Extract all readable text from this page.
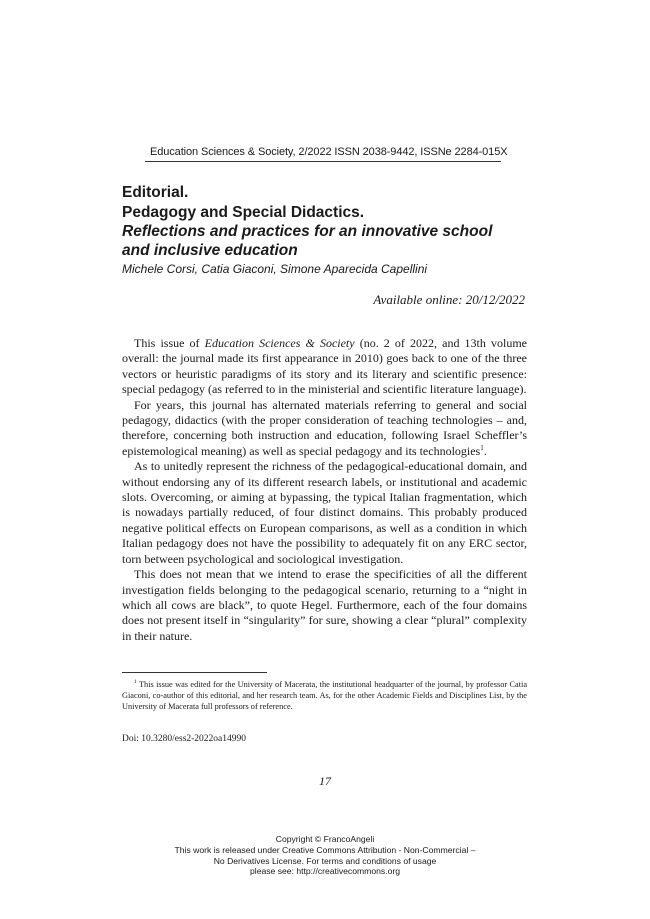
Education Sciences & Society, 2/2022 ISSN 2038-9442, ISSNe 2284-015X
Editorial.
Pedagogy and Special Didactics.
Reflections and practices for an innovative school
and inclusive education
Michele Corsi, Catia Giaconi, Simone Aparecida Capellini
Available online: 20/12/2022

This issue of Education Sciences & Society (no. 2 of 2022, and 13th volume overall: the journal made its first appearance in 2010) goes back to one of the three vectors or heuristic paradigms of its story and its literary and scientific presence: special pedagogy (as referred to in the ministerial and scientific literature language).

For years, this journal has alternated materials referring to general and social pedagogy, didactics (with the proper consideration of teaching technologies – and, therefore, concerning both instruction and education, following Israel Scheffler’s epistemological meaning) as well as special pedagogy and its technologies$^1$.

As to unitedly represent the richness of the pedagogical-educational domain, and without endorsing any of its different research labels, or institutional and academic slots. Overcoming, or aiming at bypassing, the typical Italian fragmentation, which is nowadays partially reduced, of four distinct domains. This probably produced negative political effects on European comparisons, as well as a condition in which Italian pedagogy does not have the possibility to adequately fit on any ERC sector, torn between psychological and sociological investigation.

This does not mean that we intend to erase the specificities of all the different investigation fields belonging to the pedagogical scenario, returning to a “night in which all cows are black”, to quote Hegel. Furthermore, each of the four domains does not present itself in “singularity” for sure, showing a clear “plural” complexity in their nature.

$^1$ This issue was edited for the University of Macerata, the institutional headquarter of the journal, by professor Catia Giaconi, co-author of this editorial, and her research team. As, for the other Academic Fields and Disciplines List, by the University of Macerata full professors of reference.

Doi: 10.3280/ess2-2022oa14990
17
Copyright © FrancoAngeli
This work is released under Creative Commons Attribution - Non-Commercial –
No Derivatives License. For terms and conditions of usage
please see: http://creativecommons.org
